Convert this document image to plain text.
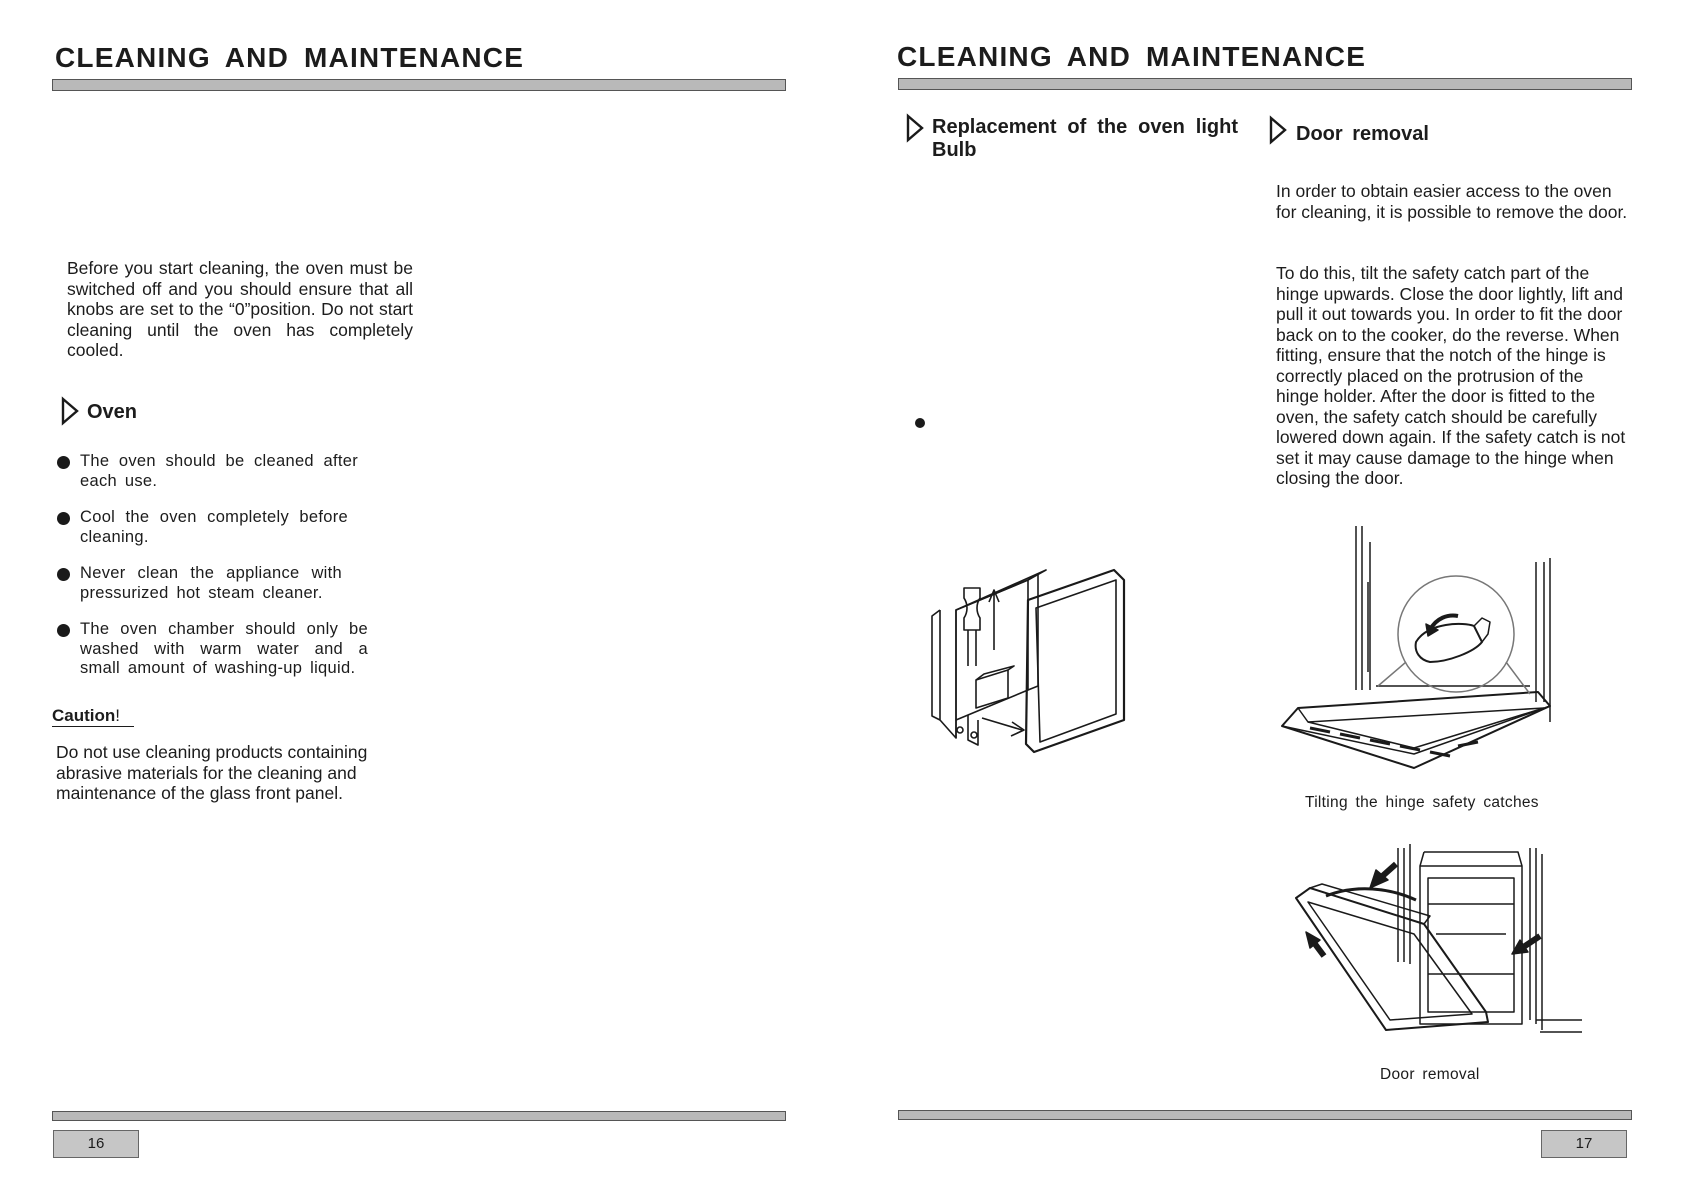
CLEANING AND MAINTENANCE
Before you start cleaning, the oven must be switched off and you should ensure that all knobs are set to the “0”position. Do not start cleaning until the oven has completely cooled.
Oven
The oven should be cleaned after each use.
Cool the oven completely before cleaning.
Never clean the appliance with pressurized hot steam cleaner.
The oven chamber should only be washed with warm water and a small amount of washing-up liquid.
Caution!
Do not use cleaning products containing abrasive materials for the cleaning and maintenance of the glass front panel.
16
CLEANING AND MAINTENANCE
Replacement of the oven light Bulb
Door removal
In order to obtain easier access to the oven for cleaning, it is possible to remove the door.
To do this, tilt the safety catch part of the hinge upwards. Close the door lightly, lift and pull it out towards you. In order to fit the door back on to the cooker, do the reverse. When fitting, ensure that the notch of the hinge is correctly placed on the protrusion of the hinge holder. After the door is fitted to the oven, the safety catch should be carefully lowered down again. If the safety catch is not set it may cause damage to the hinge when closing the door.
Tilting the hinge safety catches
Door removal
17
